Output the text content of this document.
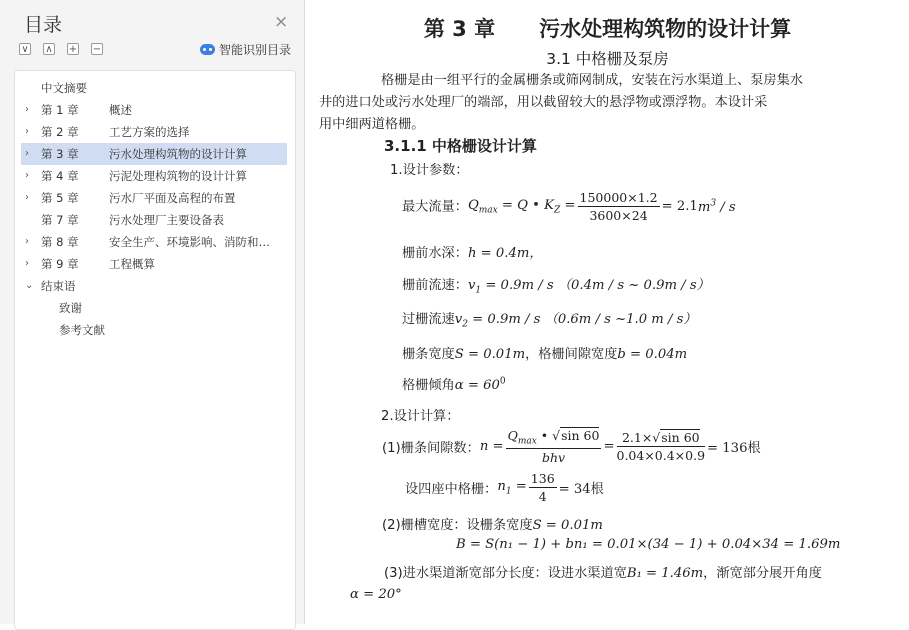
目录	×
∨ ∧ + −	智能识别目录
中文摘要
›	第 1 章	概述
›	第 2 章	工艺方案的选择
›	第 3 章	污水处理构筑物的设计计算
›	第 4 章	污泥处理构筑物的设计计算
›	第 5 章	污水厂平面及高程的布置
第 7 章	污水处理厂主要设备表
›	第 8 章	安全生产、环境影响、消防和…
›	第 9 章	工程概算
⌄ 结束语
致谢
参考文献
第 3 章 污水处理构筑物的设计计算
3.1 中格栅及泵房
格栅是由一组平行的金属栅条或筛网制成，安装在污水渠道上、泵房集水
井的进口处或污水处理厂的端部，用以截留较大的悬浮物或漂浮物。本设计采
用中细两道格栅。
3.1.1 中格栅设计计算
1.设计参数：
最大流量：$Q_{max} = Q$ • $K_Z = \frac{150000\times 1.2}{3600\times 24} = 2.1m^3 / s$
栅前水深：h = 0.4m，
栅前流速：$v_1 = 0.9m / s$ （0.4m / s ~ 0.9m / s）
过栅流速$v_2 = 0.9m / s$ （0.6m / s ~1.0 m / s）
栅条宽度S = 0.01m，格栅间隙宽度b = 0.04m
格栅倾角$\alpha = 60^0$
2.设计计算：
(1)栅条间隙数：$n = \frac{Q_{max} • √\sin 60}{\text{bhv}} = \frac{2.1\times√\sin 60}{0.04\times 0.4\times 0.9} = 136$根
设四座中格栅：$n_1 = \frac{136}{4} = 34$根
(2)栅槽宽度：设栅条宽度S = 0.01m
B = S(n₁ − 1) + bn₁ = 0.01×(34 − 1) + 0.04×34 = 1.69m
(3)进水渠道渐宽部分长度：设进水渠道宽B₁ = 1.46m，渐宽部分展开角度
α = 20°
